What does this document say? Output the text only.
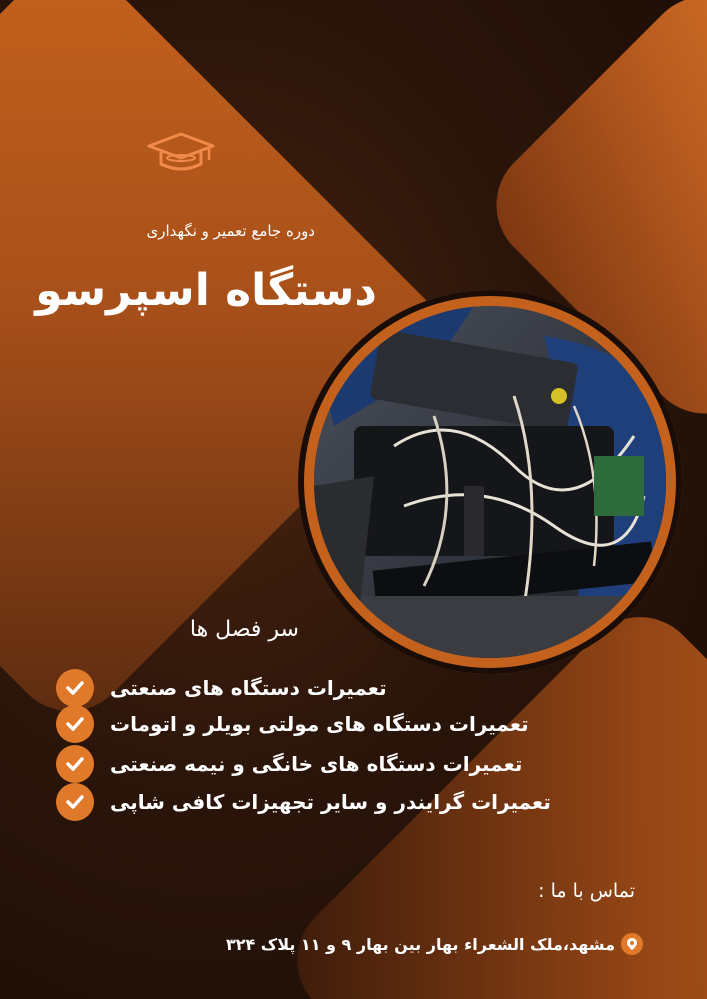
دوره جامع تعمیر و نگهداری
دستگاه اسپرسو
سر فصل ها
تعمیرات دستگاه های صنعتی
تعمیرات دستگاه های مولتی بویلر و اتومات
تعمیرات دستگاه های خانگی و نیمه صنعتی
تعمیرات گرایندر و سایر تجهیزات کافی شاپی
تماس با ما :
مشهد،ملک الشعراء بهار بین بهار ۹ و ۱۱ پلاک ۳۲۴
